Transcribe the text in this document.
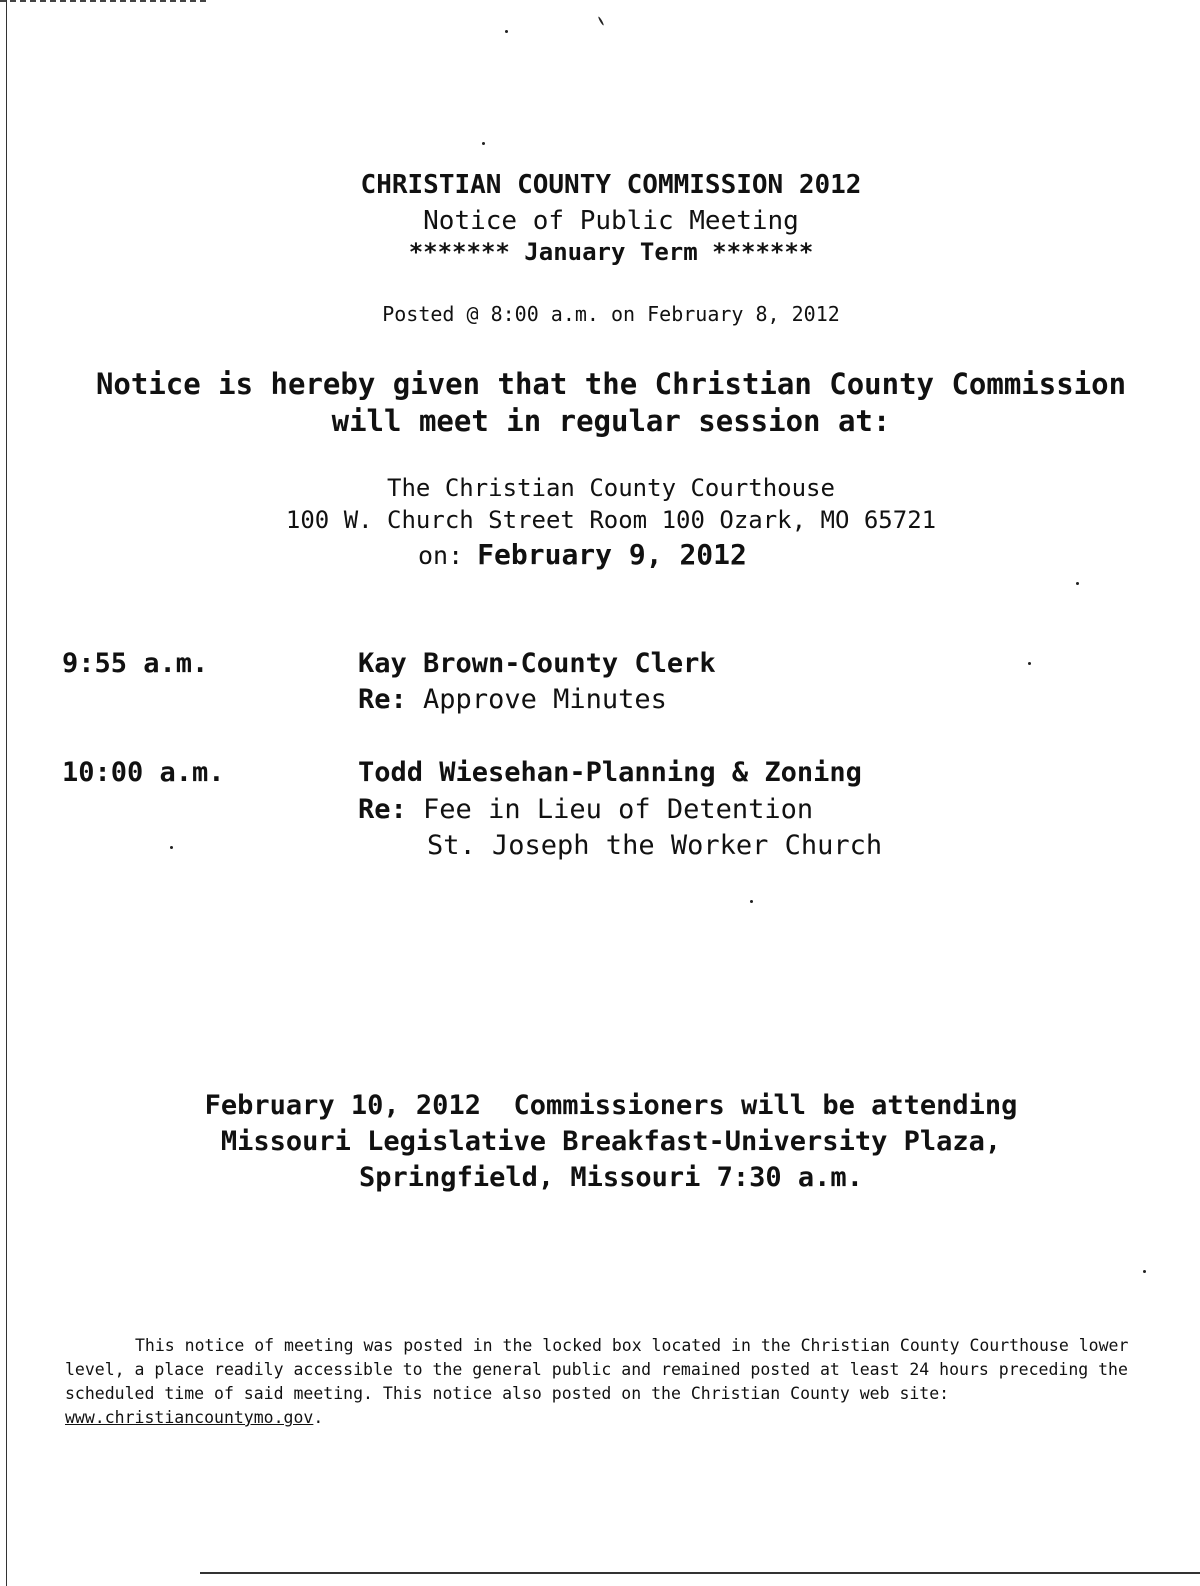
CHRISTIAN COUNTY COMMISSION 2012
Notice of Public Meeting
******* January Term *******
Posted @ 8:00 a.m. on February 8, 2012
Notice is hereby given that the Christian County Commission
will meet in regular session at:
The Christian County Courthouse
100 W. Church Street Room 100 Ozark, MO 65721
on: February 9, 2012
9:55 a.m.	Kay Brown-County Clerk
Re: Approve Minutes
10:00 a.m.	Todd Wiesehan-Planning & Zoning
Re: Fee in Lieu of Detention
St. Joseph the Worker Church
February 10, 2012  Commissioners will be attending
Missouri Legislative Breakfast-University Plaza,
Springfield, Missouri 7:30 a.m.
This notice of meeting was posted in the locked box located in the Christian County Courthouse lower level, a place readily accessible to the general public and remained posted at least 24 hours preceding the scheduled time of said meeting. This notice also posted on the Christian County web site: www.christiancountymo.gov.
